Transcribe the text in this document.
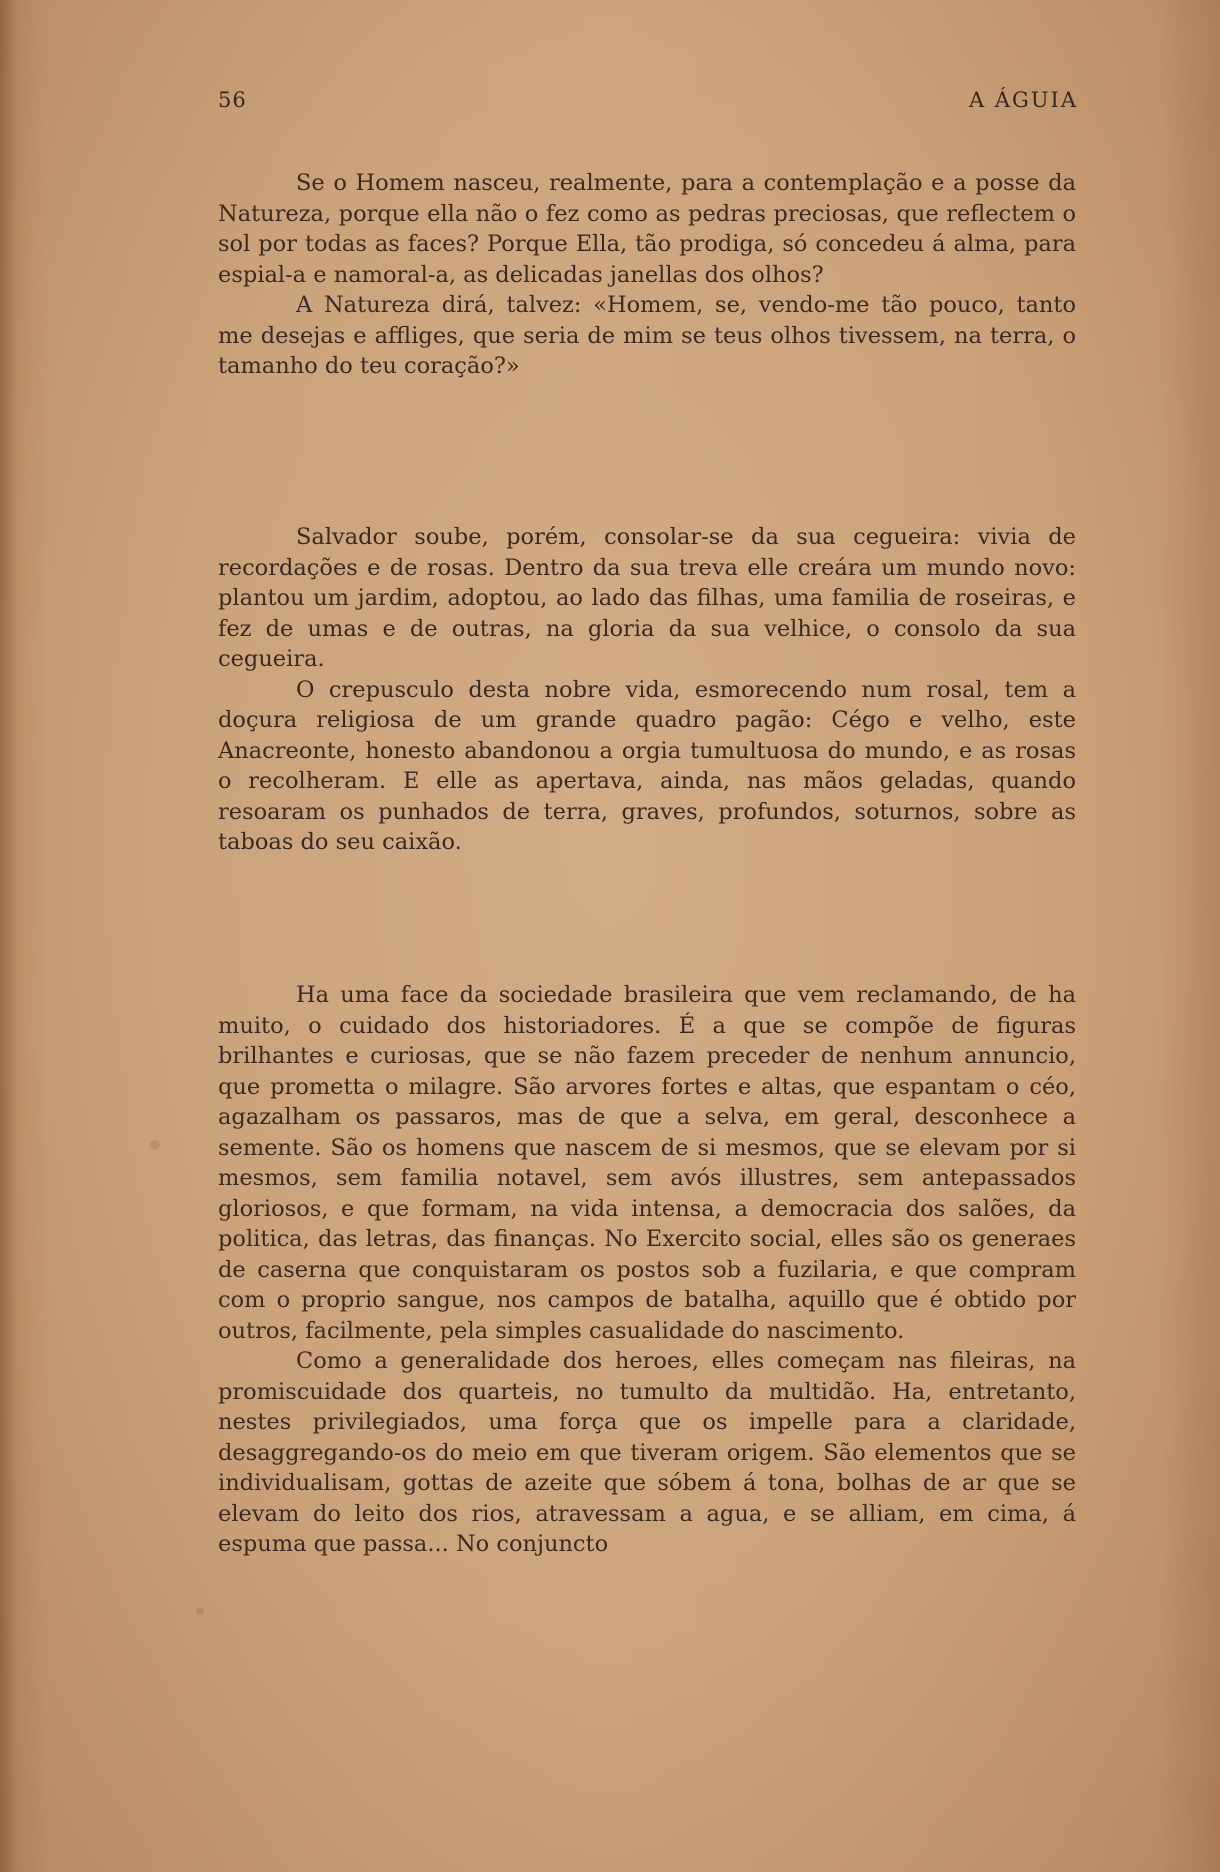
56	A ÁGUIA

Se o Homem nasceu, realmente, para a contemplação e a posse da Natureza, porque ella não o fez como as pedras preciosas, que reflectem o sol por todas as faces? Porque Ella, tão prodiga, só concedeu á alma, para espial-a e namoral-a, as delicadas janellas dos olhos?

A Natureza dirá, talvez: «Homem, se, vendo-me tão pouco, tanto me desejas e affliges, que seria de mim se teus olhos tivessem, na terra, o tamanho do teu coração?»

Salvador soube, porém, consolar-se da sua cegueira: vivia de recordações e de rosas. Dentro da sua treva elle creára um mundo novo: plantou um jardim, adoptou, ao lado das filhas, uma familia de roseiras, e fez de umas e de outras, na gloria da sua velhice, o consolo da sua cegueira.

O crepusculo desta nobre vida, esmorecendo num rosal, tem a doçura religiosa de um grande quadro pagão: Cégo e velho, este Anacreonte, honesto abandonou a orgia tumultuosa do mundo, e as rosas o recolheram. E elle as apertava, ainda, nas mãos geladas, quando resoaram os punhados de terra, graves, profundos, soturnos, sobre as taboas do seu caixão.

Ha uma face da sociedade brasileira que vem reclamando, de ha muito, o cuidado dos historiadores. É a que se compõe de figuras brilhantes e curiosas, que se não fazem preceder de nenhum annuncio, que prometta o milagre. São arvores fortes e altas, que espantam o céo, agazalham os passaros, mas de que a selva, em geral, desconhece a semente. São os homens que nascem de si mesmos, que se elevam por si mesmos, sem familia notavel, sem avós illustres, sem antepassados gloriosos, e que formam, na vida intensa, a democracia dos salões, da politica, das letras, das finanças. No Exercito social, elles são os generaes de caserna que conquistaram os postos sob a fuzilaria, e que compram com o proprio sangue, nos campos de batalha, aquillo que é obtido por outros, facilmente, pela simples casualidade do nascimento.

Como a generalidade dos heroes, elles começam nas fileiras, na promiscuidade dos quarteis, no tumulto da multidão. Ha, entretanto, nestes privilegiados, uma força que os impelle para a claridade, desaggregando-os do meio em que tiveram origem. São elementos que se individualisam, gottas de azeite que sóbem á tona, bolhas de ar que se elevam do leito dos rios, atravessam a agua, e se alliam, em cima, á espuma que passa... No conjuncto
